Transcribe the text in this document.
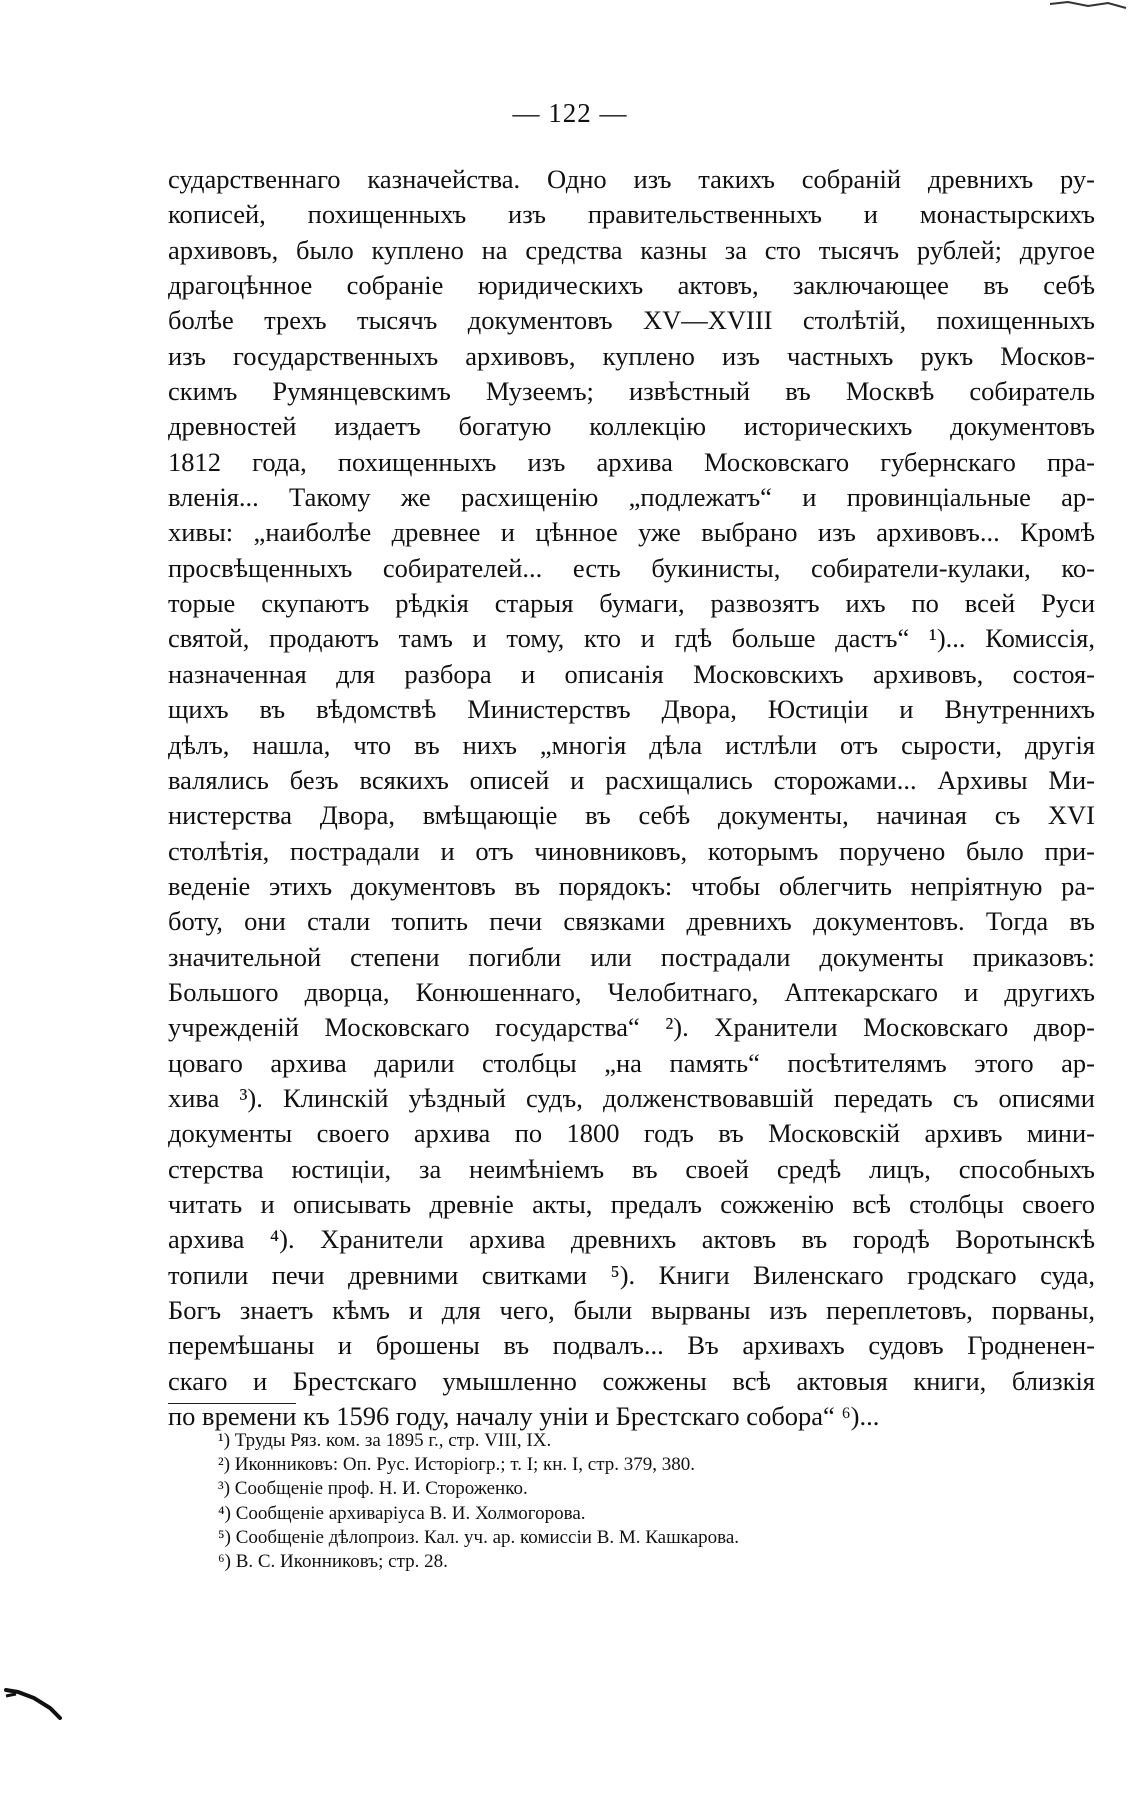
— 122 —
сударственнаго казначейства. Одно изъ такихъ собраній древнихъ ру-
кописей, похищенныхъ изъ правительственныхъ и монастырскихъ
архивовъ, было куплено на средства казны за сто тысячъ рублей; другое
драгоцѣнное собраніе юридическихъ актовъ, заключающее въ себѣ
болѣе трехъ тысячъ документовъ XV—XVIII столѣтій, похищенныхъ
изъ государственныхъ архивовъ, куплено изъ частныхъ рукъ Москов-
скимъ Румянцевскимъ Музеемъ; извѣстный въ Москвѣ собиратель
древностей издаетъ богатую коллекцію историческихъ документовъ
1812 года, похищенныхъ изъ архива Московскаго губернскаго пра-
вленія... Такому же расхищенію „подлежатъ“ и провинціальные ар-
хивы: „наиболѣе древнее и цѣнное уже выбрано изъ архивовъ... Кромѣ
просвѣщенныхъ собирателей... есть букинисты, собиратели-кулаки, ко-
торые скупаютъ рѣдкія старыя бумаги, развозятъ ихъ по всей Руси
святой, продаютъ тамъ и тому, кто и гдѣ больше дастъ“ ¹)... Комиссія,
назначенная для разбора и описанія Московскихъ архивовъ, состоя-
щихъ въ вѣдомствѣ Министерствъ Двора, Юстиціи и Внутреннихъ
дѣлъ, нашла, что въ нихъ „многія дѣла истлѣли отъ сырости, другія
валялись безъ всякихъ описей и расхищались сторожами... Архивы Ми-
нистерства Двора, вмѣщающіе въ себѣ документы, начиная съ XVI
столѣтія, пострадали и отъ чиновниковъ, которымъ поручено было при-
веденіе этихъ документовъ въ порядокъ: чтобы облегчить непріятную ра-
боту, они стали топить печи связками древнихъ документовъ. Тогда въ
значительной степени погибли или пострадали документы приказовъ:
Большого дворца, Конюшеннаго, Челобитнаго, Аптекарскаго и другихъ
учрежденій Московскаго государства“ ²). Хранители Московскаго двор-
цоваго архива дарили столбцы „на память“ посѣтителямъ этого ар-
хива ³). Клинскій уѣздный судъ, долженствовавшій передать съ описями
документы своего архива по 1800 годъ въ Московскій архивъ мини-
стерства юстиціи, за неимѣніемъ въ своей средѣ лицъ, способныхъ
читать и описывать древніе акты, предалъ сожженію всѣ столбцы своего
архива ⁴). Хранители архива древнихъ актовъ въ городѣ Воротынскѣ
топили печи древними свитками ⁵). Книги Виленскаго гродскаго суда,
Богъ знаетъ кѣмъ и для чего, были вырваны изъ переплетовъ, порваны,
перемѣшаны и брошены въ подвалъ... Въ архивахъ судовъ Гродненен-
скаго и Брестскаго умышленно сожжены всѣ актовыя книги, близкія
по времени къ 1596 году, началу уніи и Брестскаго собора“ ⁶)...
¹) Труды Ряз. ком. за 1895 г., стр. VIII, IX.
²) Иконниковъ: Оп. Рус. Исторіогр.; т. I; кн. I, стр. 379, 380.
³) Сообщеніе проф. Н. И. Стороженко.
⁴) Сообщеніе архиваріуса В. И. Холмогорова.
⁵) Сообщеніе дѣлопроиз. Кал. уч. ар. комиссіи В. М. Кашкарова.
⁶) В. С. Иконниковъ; стр. 28.
